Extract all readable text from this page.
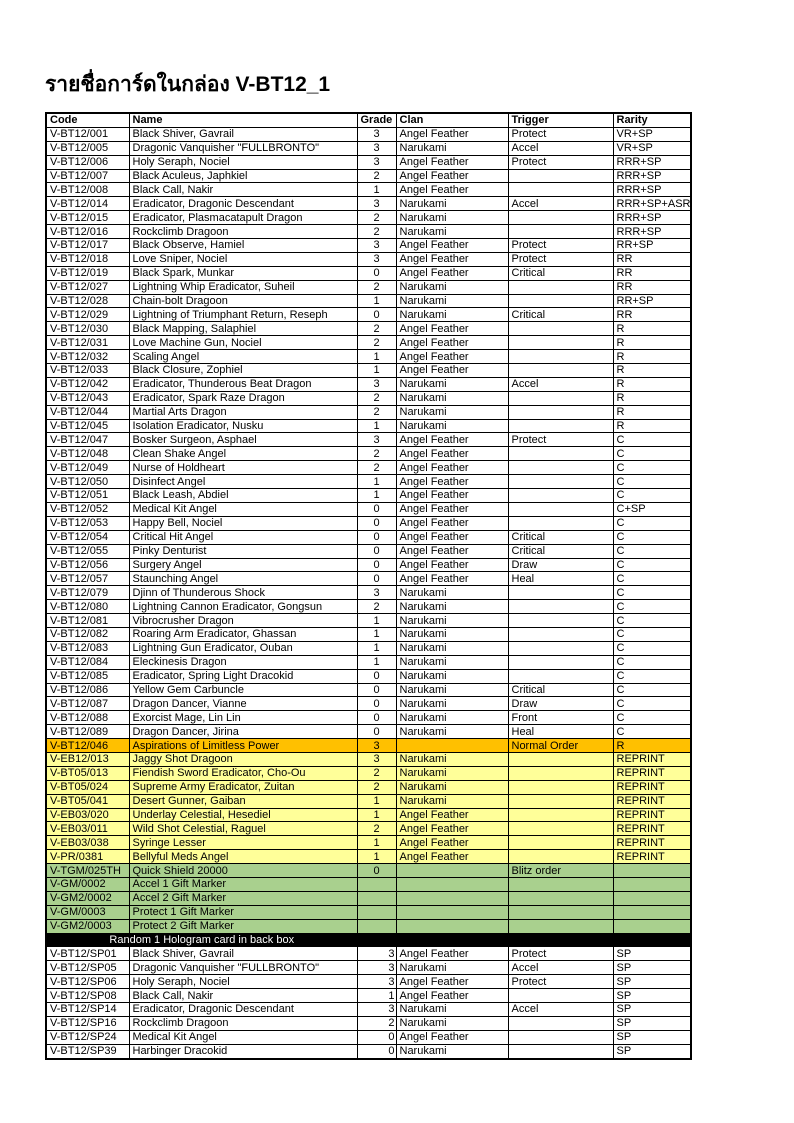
รายชื่อการ์ดในกล่อง V-BT12_1
Code	Name	Grade	Clan	Trigger	Rarity
V-BT12/001	Black Shiver, Gavrail	3	Angel Feather	Protect	VR+SP
V-BT12/005	Dragonic Vanquisher "FULLBRONTO"	3	Narukami	Accel	VR+SP
V-BT12/006	Holy Seraph, Nociel	3	Angel Feather	Protect	RRR+SP
V-BT12/007	Black Aculeus, Japhkiel	2	Angel Feather		RRR+SP
V-BT12/008	Black Call, Nakir	1	Angel Feather		RRR+SP
V-BT12/014	Eradicator, Dragonic Descendant	3	Narukami	Accel	RRR+SP+ASR
V-BT12/015	Eradicator, Plasmacatapult Dragon	2	Narukami		RRR+SP
V-BT12/016	Rockclimb Dragoon	2	Narukami		RRR+SP
V-BT12/017	Black Observe, Hamiel	3	Angel Feather	Protect	RR+SP
V-BT12/018	Love Sniper, Nociel	3	Angel Feather	Protect	RR
V-BT12/019	Black Spark, Munkar	0	Angel Feather	Critical	RR
V-BT12/027	Lightning Whip Eradicator, Suheil	2	Narukami		RR
V-BT12/028	Chain-bolt Dragoon	1	Narukami		RR+SP
V-BT12/029	Lightning of Triumphant Return, Reseph	0	Narukami	Critical	RR
V-BT12/030	Black Mapping, Salaphiel	2	Angel Feather		R
V-BT12/031	Love Machine Gun, Nociel	2	Angel Feather		R
V-BT12/032	Scaling Angel	1	Angel Feather		R
V-BT12/033	Black Closure, Zophiel	1	Angel Feather		R
V-BT12/042	Eradicator, Thunderous Beat Dragon	3	Narukami	Accel	R
V-BT12/043	Eradicator, Spark Raze Dragon	2	Narukami		R
V-BT12/044	Martial Arts Dragon	2	Narukami		R
V-BT12/045	Isolation Eradicator, Nusku	1	Narukami		R
V-BT12/047	Bosker Surgeon, Asphael	3	Angel Feather	Protect	C
V-BT12/048	Clean Shake Angel	2	Angel Feather		C
V-BT12/049	Nurse of Holdheart	2	Angel Feather		C
V-BT12/050	Disinfect Angel	1	Angel Feather		C
V-BT12/051	Black Leash, Abdiel	1	Angel Feather		C
V-BT12/052	Medical Kit Angel	0	Angel Feather		C+SP
V-BT12/053	Happy Bell, Nociel	0	Angel Feather		C
V-BT12/054	Critical Hit Angel	0	Angel Feather	Critical	C
V-BT12/055	Pinky Denturist	0	Angel Feather	Critical	C
V-BT12/056	Surgery Angel	0	Angel Feather	Draw	C
V-BT12/057	Staunching Angel	0	Angel Feather	Heal	C
V-BT12/079	Djinn of Thunderous Shock	3	Narukami		C
V-BT12/080	Lightning Cannon Eradicator, Gongsun	2	Narukami		C
V-BT12/081	Vibrocrusher Dragon	1	Narukami		C
V-BT12/082	Roaring Arm Eradicator, Ghassan	1	Narukami		C
V-BT12/083	Lightning Gun Eradicator, Ouban	1	Narukami		C
V-BT12/084	Eleckinesis Dragon	1	Narukami		C
V-BT12/085	Eradicator, Spring Light Dracokid	0	Narukami		C
V-BT12/086	Yellow Gem Carbuncle	0	Narukami	Critical	C
V-BT12/087	Dragon Dancer, Vianne	0	Narukami	Draw	C
V-BT12/088	Exorcist Mage, Lin Lin	0	Narukami	Front	C
V-BT12/089	Dragon Dancer, Jirina	0	Narukami	Heal	C
V-BT12/046	Aspirations of Limitless Power	3		Normal Order	R
V-EB12/013	Jaggy Shot Dragoon	3	Narukami		REPRINT
V-BT05/013	Fiendish Sword Eradicator, Cho-Ou	2	Narukami		REPRINT
V-BT05/024	Supreme Army Eradicator, Zuitan	2	Narukami		REPRINT
V-BT05/041	Desert Gunner, Gaiban	1	Narukami		REPRINT
V-EB03/020	Underlay Celestial, Hesediel	1	Angel Feather		REPRINT
V-EB03/011	Wild Shot Celestial, Raguel	2	Angel Feather		REPRINT
V-EB03/038	Syringe Lesser	1	Angel Feather		REPRINT
V-PR/0381	Bellyful Meds Angel	1	Angel Feather		REPRINT
V-TGM/025TH	Quick Shield 20000	0		Blitz order	
V-GM/0002	Accel 1 Gift Marker				
V-GM2/0002	Accel 2 Gift Marker				
V-GM/0003	Protect 1 Gift Marker				
V-GM2/0003	Protect 2 Gift Marker				
Random 1 Hologram card in back box					
V-BT12/SP01	Black Shiver, Gavrail	3	Angel Feather	Protect	SP
V-BT12/SP05	Dragonic Vanquisher "FULLBRONTO"	3	Narukami	Accel	SP
V-BT12/SP06	Holy Seraph, Nociel	3	Angel Feather	Protect	SP
V-BT12/SP08	Black Call, Nakir	1	Angel Feather		SP
V-BT12/SP14	Eradicator, Dragonic Descendant	3	Narukami	Accel	SP
V-BT12/SP16	Rockclimb Dragoon	2	Narukami		SP
V-BT12/SP24	Medical Kit Angel	0	Angel Feather		SP
V-BT12/SP39	Harbinger Dracokid	0	Narukami		SP
